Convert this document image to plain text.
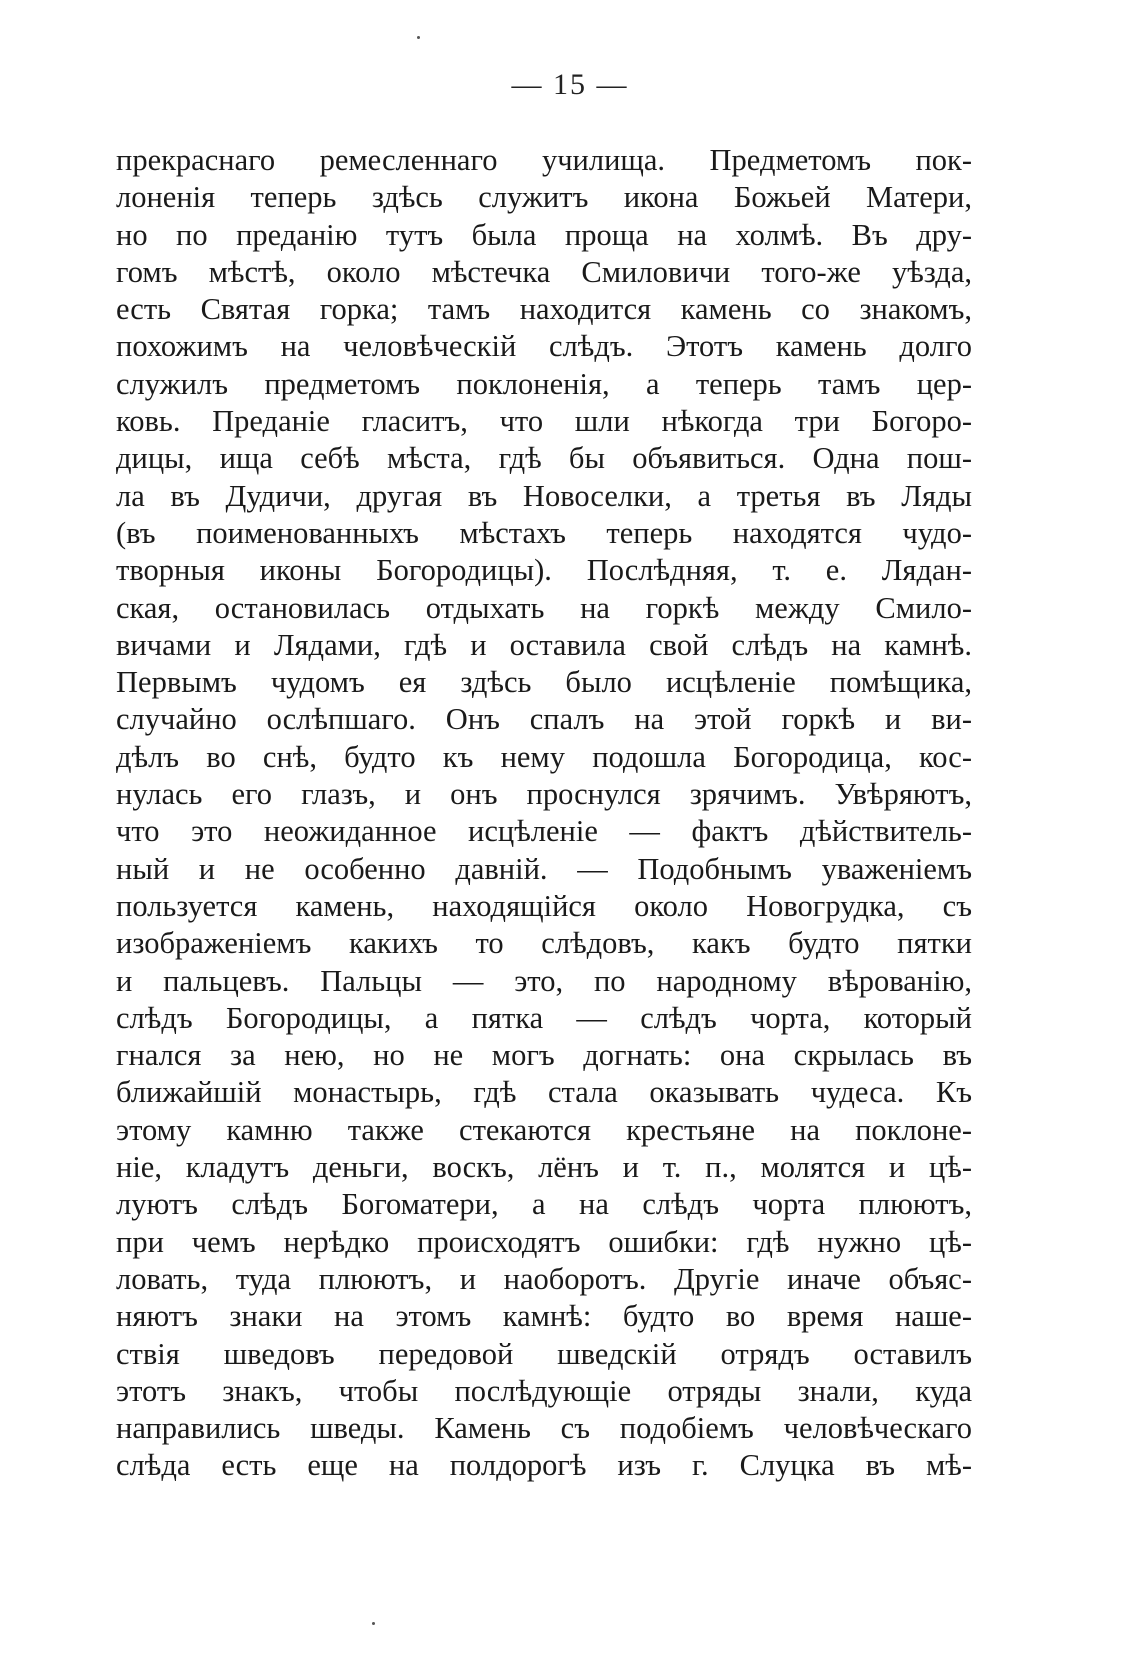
— 15 —
прекраснаго ремесленнаго училища. Предметомъ пок-
лоненія теперь здѣсь служитъ икона Божьей Матери,
но по преданію тутъ была проща на холмѣ. Въ дру-
гомъ мѣстѣ, около мѣстечка Смиловичи того-же уѣзда,
есть Святая горка; тамъ находится камень со знакомъ,
похожимъ на человѣческій слѣдъ. Этотъ камень долго
служилъ предметомъ поклоненія, а теперь тамъ цер-
ковь. Преданіе гласитъ, что шли нѣкогда три Богоро-
дицы, ища себѣ мѣста, гдѣ бы объявиться. Одна пош-
ла въ Дудичи, другая въ Новоселки, а третья въ Ляды
(въ поименованныхъ мѣстахъ теперь находятся чудо-
творныя иконы Богородицы). Послѣдняя, т. е. Лядан-
ская, остановилась отдыхать на горкѣ между Смило-
вичами и Лядами, гдѣ и оставила свой слѣдъ на камнѣ.
Первымъ чудомъ ея здѣсь было исцѣленіе помѣщика,
случайно ослѣпшаго. Онъ спалъ на этой горкѣ и ви-
дѣлъ во снѣ, будто къ нему подошла Богородица, кос-
нулась его глазъ, и онъ проснулся зрячимъ. Увѣряютъ,
что это неожиданное исцѣленіе — фактъ дѣйствитель-
ный и не особенно давній. — Подобнымъ уваженіемъ
пользуется камень, находящійся около Новогрудка, съ
изображеніемъ какихъ то слѣдовъ, какъ будто пятки
и пальцевъ. Пальцы — это, по народному вѣрованію,
слѣдъ Богородицы, а пятка — слѣдъ чорта, который
гнался за нею, но не могъ догнать: она скрылась въ
ближайшій монастырь, гдѣ стала оказывать чудеса. Къ
этому камню также стекаются крестьяне на поклоне-
ніе, кладутъ деньги, воскъ, лёнъ и т. п., молятся и цѣ-
луютъ слѣдъ Богоматери, а на слѣдъ чорта плюютъ,
при чемъ нерѣдко происходятъ ошибки: гдѣ нужно цѣ-
ловать, туда плюютъ, и наоборотъ. Другіе иначе объяс-
няютъ знаки на этомъ камнѣ: будто во время наше-
ствія шведовъ передовой шведскій отрядъ оставилъ
этотъ знакъ, чтобы послѣдующіе отряды знали, куда
направились шведы. Камень съ подобіемъ человѣческаго
слѣда есть еще на полдорогѣ изъ г. Слуцка въ мѣ-
